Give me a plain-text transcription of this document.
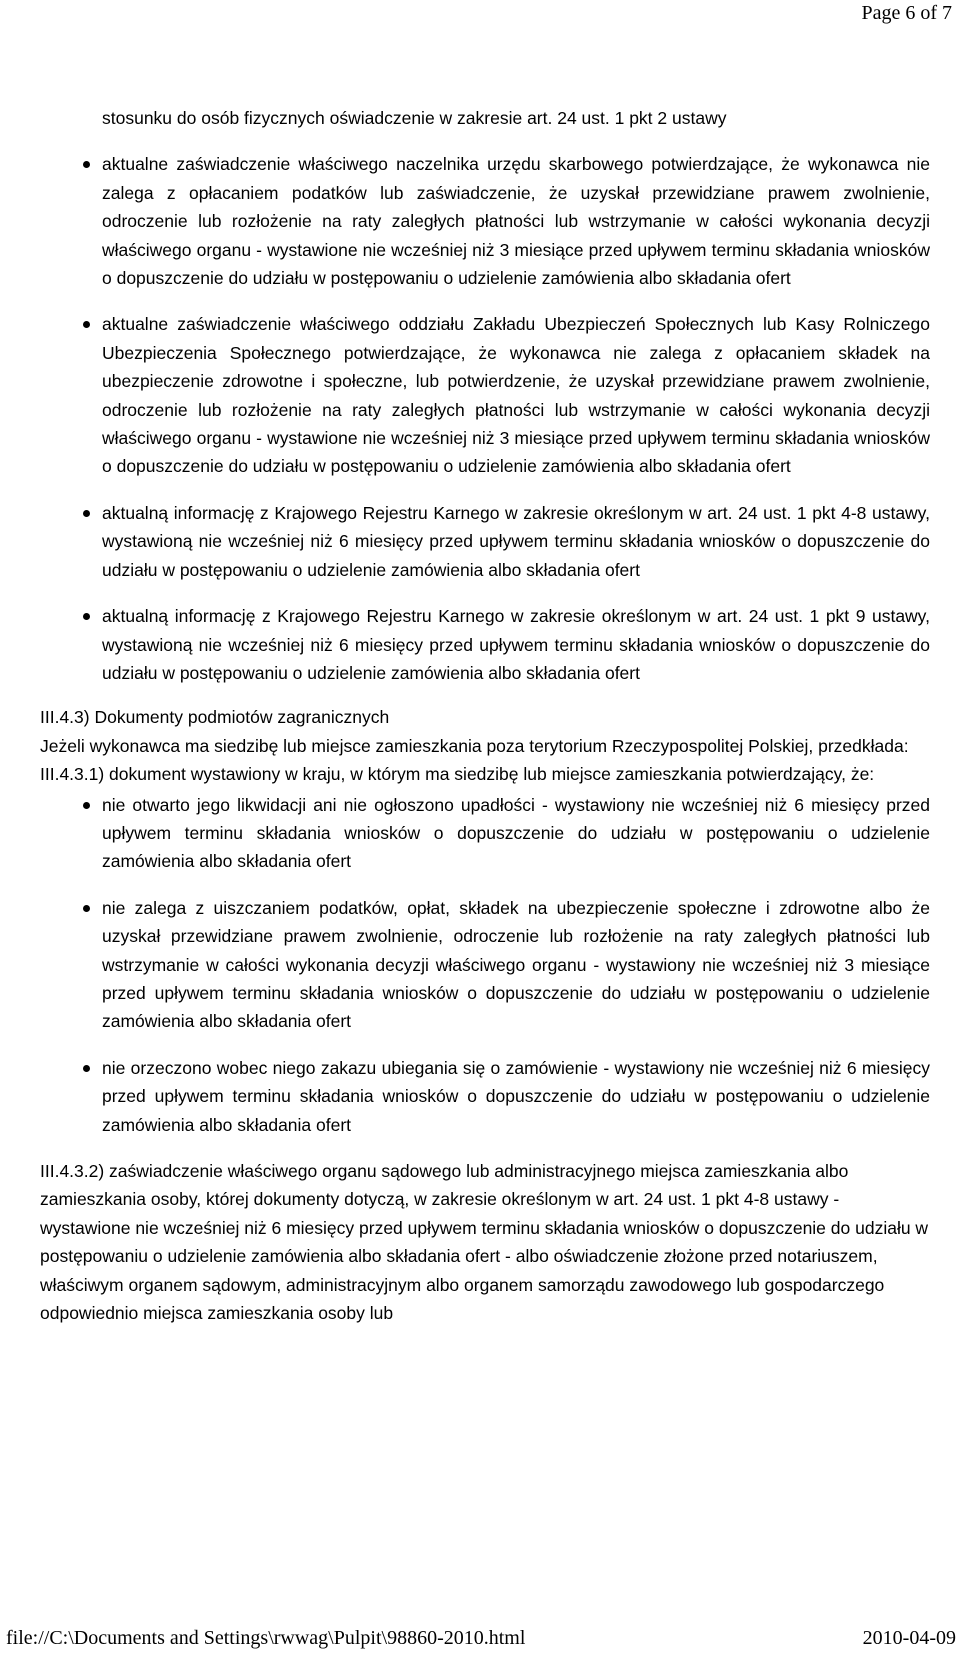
Page 6 of 7

stosunku do osób fizycznych oświadczenie w zakresie art. 24 ust. 1 pkt 2 ustawy

aktualne zaświadczenie właściwego naczelnika urzędu skarbowego potwierdzające, że wykonawca nie zalega z opłacaniem podatków lub zaświadczenie, że uzyskał przewidziane prawem zwolnienie, odroczenie lub rozłożenie na raty zaległych płatności lub wstrzymanie w całości wykonania decyzji właściwego organu - wystawione nie wcześniej niż 3 miesiące przed upływem terminu składania wniosków o dopuszczenie do udziału w postępowaniu o udzielenie zamówienia albo składania ofert
aktualne zaświadczenie właściwego oddziału Zakładu Ubezpieczeń Społecznych lub Kasy Rolniczego Ubezpieczenia Społecznego potwierdzające, że wykonawca nie zalega z opłacaniem składek na ubezpieczenie zdrowotne i społeczne, lub potwierdzenie, że uzyskał przewidziane prawem zwolnienie, odroczenie lub rozłożenie na raty zaległych płatności lub wstrzymanie w całości wykonania decyzji właściwego organu - wystawione nie wcześniej niż 3 miesiące przed upływem terminu składania wniosków o dopuszczenie do udziału w postępowaniu o udzielenie zamówienia albo składania ofert
aktualną informację z Krajowego Rejestru Karnego w zakresie określonym w art. 24 ust. 1 pkt 4-8 ustawy, wystawioną nie wcześniej niż 6 miesięcy przed upływem terminu składania wniosków o dopuszczenie do udziału w postępowaniu o udzielenie zamówienia albo składania ofert
aktualną informację z Krajowego Rejestru Karnego w zakresie określonym w art. 24 ust. 1 pkt 9 ustawy, wystawioną nie wcześniej niż 6 miesięcy przed upływem terminu składania wniosków o dopuszczenie do udziału w postępowaniu o udzielenie zamówienia albo składania ofert

III.4.3) Dokumenty podmiotów zagranicznych

Jeżeli wykonawca ma siedzibę lub miejsce zamieszkania poza terytorium Rzeczypospolitej Polskiej, przedkłada:

III.4.3.1) dokument wystawiony w kraju, w którym ma siedzibę lub miejsce zamieszkania potwierdzający, że:

nie otwarto jego likwidacji ani nie ogłoszono upadłości - wystawiony nie wcześniej niż 6 miesięcy przed upływem terminu składania wniosków o dopuszczenie do udziału w postępowaniu o udzielenie zamówienia albo składania ofert
nie zalega z uiszczaniem podatków, opłat, składek na ubezpieczenie społeczne i zdrowotne albo że uzyskał przewidziane prawem zwolnienie, odroczenie lub rozłożenie na raty zaległych płatności lub wstrzymanie w całości wykonania decyzji właściwego organu - wystawiony nie wcześniej niż 3 miesiące przed upływem terminu składania wniosków o dopuszczenie do udziału w postępowaniu o udzielenie zamówienia albo składania ofert
nie orzeczono wobec niego zakazu ubiegania się o zamówienie - wystawiony nie wcześniej niż 6 miesięcy przed upływem terminu składania wniosków o dopuszczenie do udziału w postępowaniu o udzielenie zamówienia albo składania ofert

III.4.3.2) zaświadczenie właściwego organu sądowego lub administracyjnego miejsca zamieszkania albo zamieszkania osoby, której dokumenty dotyczą, w zakresie określonym w art. 24 ust. 1 pkt 4-8 ustawy - wystawione nie wcześniej niż 6 miesięcy przed upływem terminu składania wniosków o dopuszczenie do udziału w postępowaniu o udzielenie zamówienia albo składania ofert - albo oświadczenie złożone przed notariuszem, właściwym organem sądowym, administracyjnym albo organem samorządu zawodowego lub gospodarczego odpowiednio miejsca zamieszkania osoby lub

file://C:\Documents and Settings\rwwag\Pulpit\98860-2010.html	2010-04-09
